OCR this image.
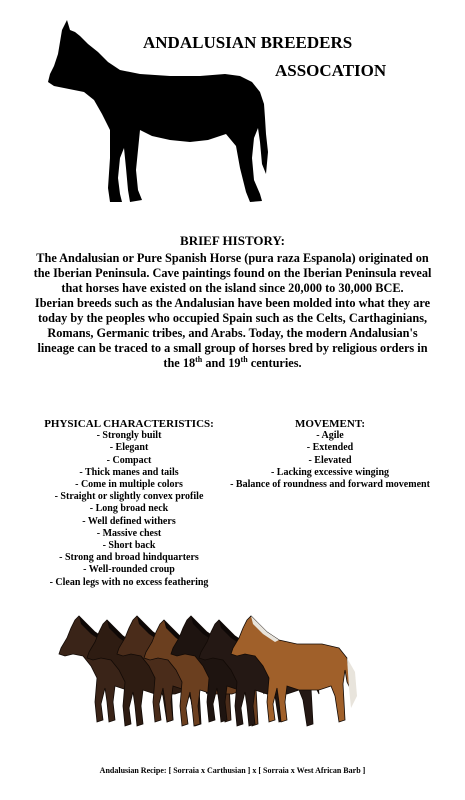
ANDALUSIAN BREEDERS
ASSOCATION
BRIEF HISTORY:

The Andalusian or Pure Spanish Horse (pura raza Espanola) originated on the Iberian Peninsula. Cave paintings found on the Iberian Peninsula reveal that horses have existed on the island since 20,000 to 30,000 BCE.

Iberian breeds such as the Andalusian have been molded into what they are today by the peoples who occupied Spain such as the Celts, Carthaginians, Romans, Germanic tribes, and Arabs. Today, the modern Andalusian's lineage can be traced to a small group of horses bred by religious orders in the 18th and 19th centuries.

PHYSICAL CHARACTERISTICS:
- Strongly built
- Elegant
- Compact
- Thick manes and tails
- Come in multiple colors
- Straight or slightly convex profile
- Long broad neck
- Well defined withers
- Massive chest
- Short back
- Strong and broad hindquarters
- Well-rounded croup
- Clean legs with no excess feathering
MOVEMENT:
- Agile
- Extended
- Elevated
- Lacking excessive winging
- Balance of roundness and forward movement
Andalusian Recipe: [ Sorraia x Carthusian ] x [ Sorraia x West African Barb ]
